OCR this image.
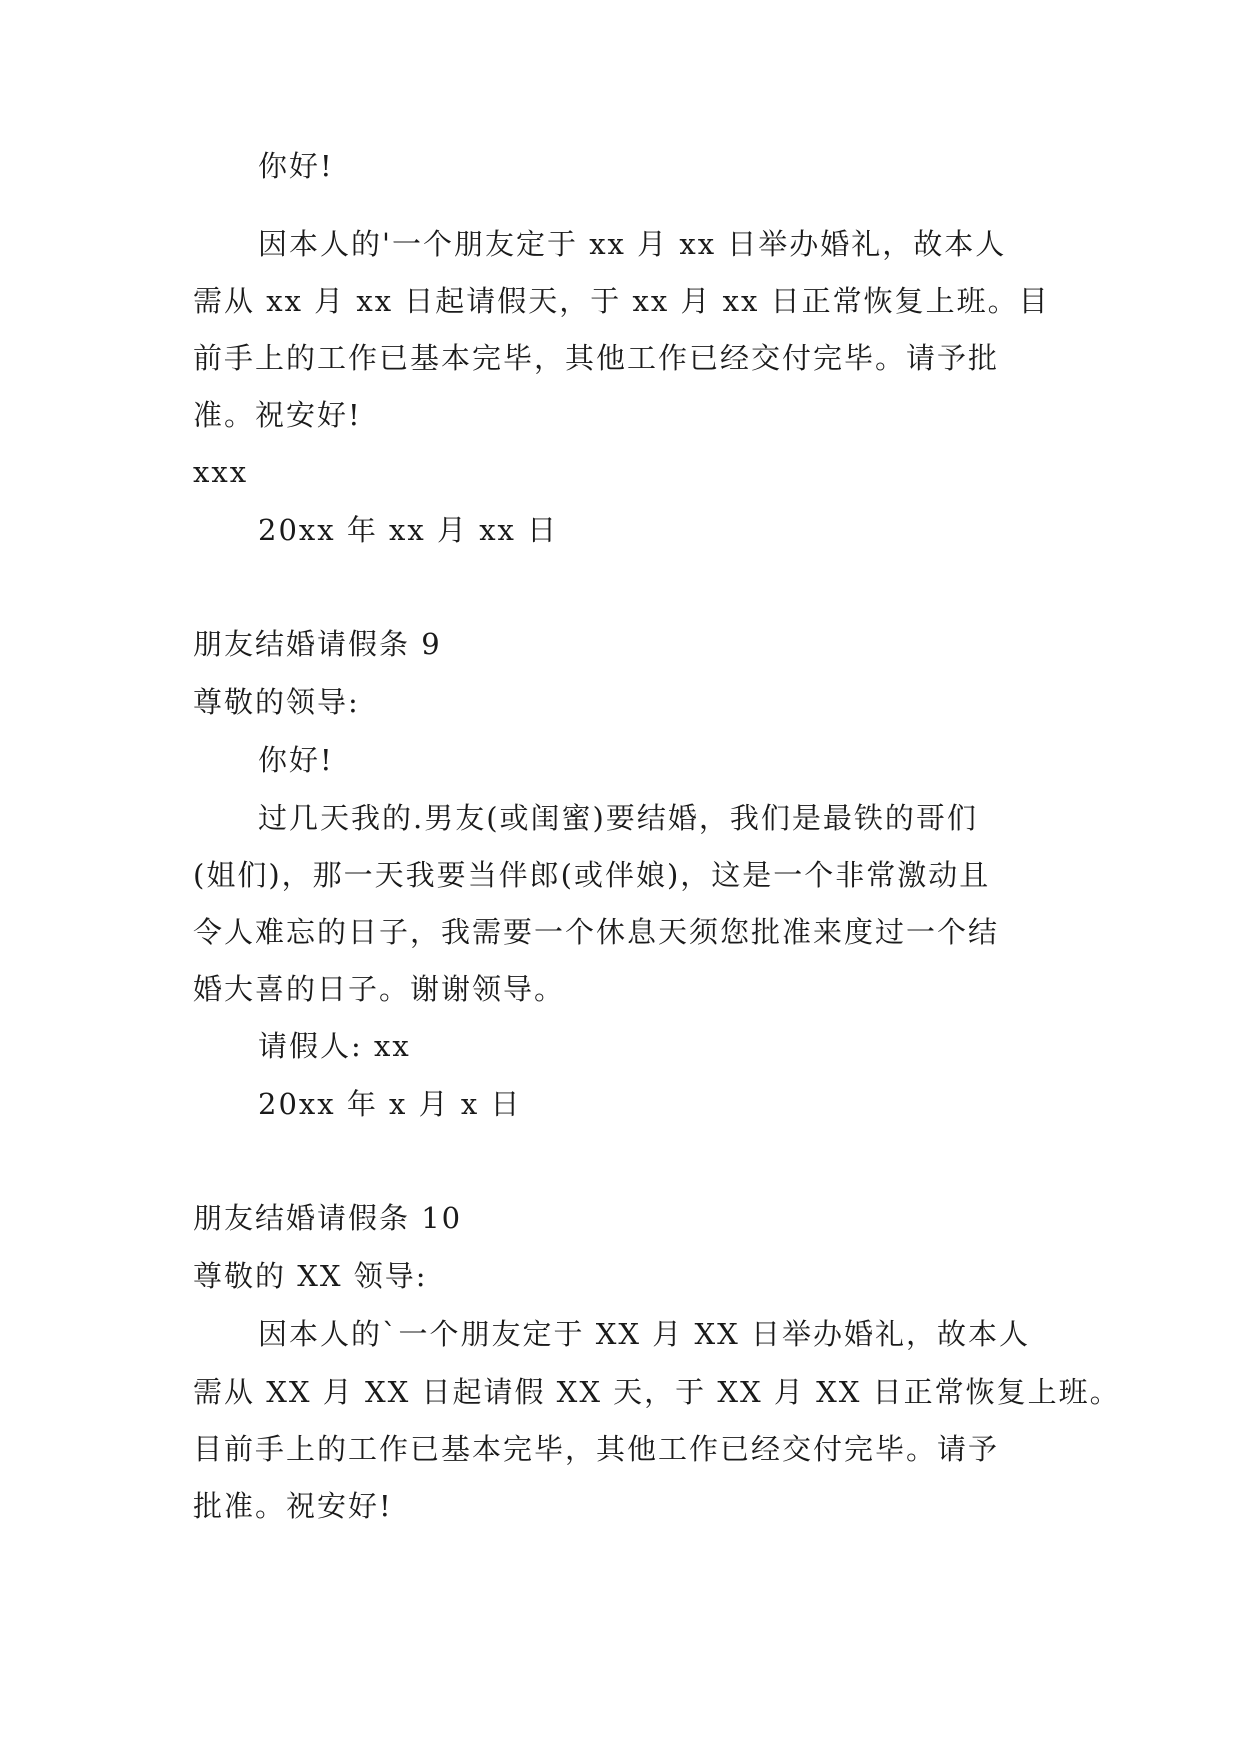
你好!
因本人的'一个朋友定于 xx 月 xx 日举办婚礼，故本人
需从 xx 月 xx 日起请假天，于 xx 月 xx 日正常恢复上班。目
前手上的工作已基本完毕，其他工作已经交付完毕。请予批
准。祝安好!
xxx
20xx 年 xx 月 xx 日
朋友结婚请假条 9
尊敬的领导:
你好!
过几天我的.男友(或闺蜜)要结婚，我们是最铁的哥们
(姐们)，那一天我要当伴郎(或伴娘)，这是一个非常激动且
令人难忘的日子，我需要一个休息天须您批准来度过一个结
婚大喜的日子。谢谢领导。
请假人: xx
20xx 年 x 月 x 日
朋友结婚请假条 10
尊敬的 XX 领导:
因本人的`一个朋友定于 XX 月 XX 日举办婚礼，故本人
需从 XX 月 XX 日起请假 XX 天，于 XX 月 XX 日正常恢复上班。
目前手上的工作已基本完毕，其他工作已经交付完毕。请予
批准。祝安好!
